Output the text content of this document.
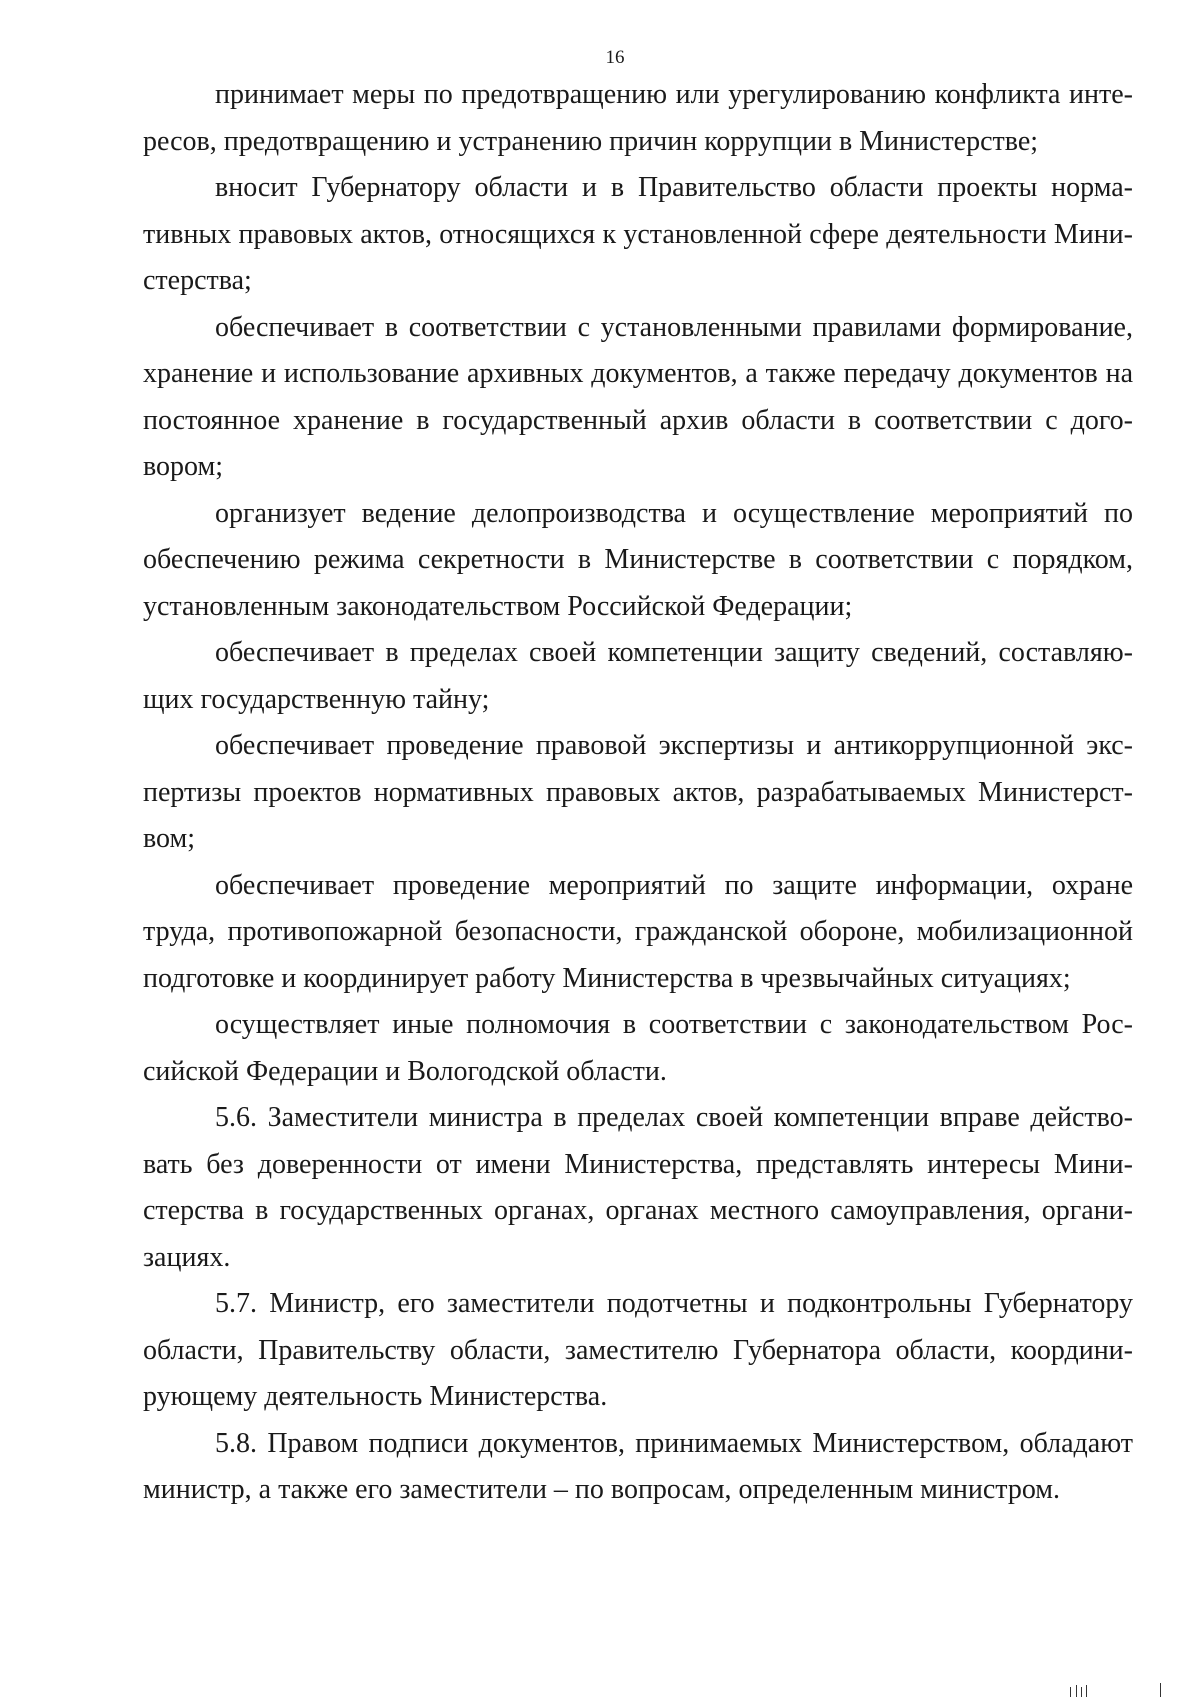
16

принимает меры по предотвращению или урегулированию конфликта интересов, предотвращению и устранению причин коррупции в Министерстве;

вносит Губернатору области и в Правительство области проекты нормативных правовых актов, относящихся к установленной сфере деятельности Министерства;

обеспечивает в соответствии с установленными правилами формирование, хранение и использование архивных документов, а также передачу документов на постоянное хранение в государственный архив области в соответствии с договором;

организует ведение делопроизводства и осуществление мероприятий по обеспечению режима секретности в Министерстве в соответствии с порядком, установленным законодательством Российской Федерации;

обеспечивает в пределах своей компетенции защиту сведений, составляющих государственную тайну;

обеспечивает проведение правовой экспертизы и антикоррупционной экспертизы проектов нормативных правовых актов, разрабатываемых Министерством;

обеспечивает проведение мероприятий по защите информации, охране труда, противопожарной безопасности, гражданской обороне, мобилизационной подготовке и координирует работу Министерства в чрезвычайных ситуациях;

осуществляет иные полномочия в соответствии с законодательством Российской Федерации и Вологодской области.

5.6. Заместители министра в пределах своей компетенции вправе действовать без доверенности от имени Министерства, представлять интересы Министерства в государственных органах, органах местного самоуправления, организациях.

5.7. Министр, его заместители подотчетны и подконтрольны Губернатору области, Правительству области, заместителю Губернатора области, координирующему деятельность Министерства.

5.8. Правом подписи документов, принимаемых Министерством, обладают министр, а также его заместители – по вопросам, определенным министром.
